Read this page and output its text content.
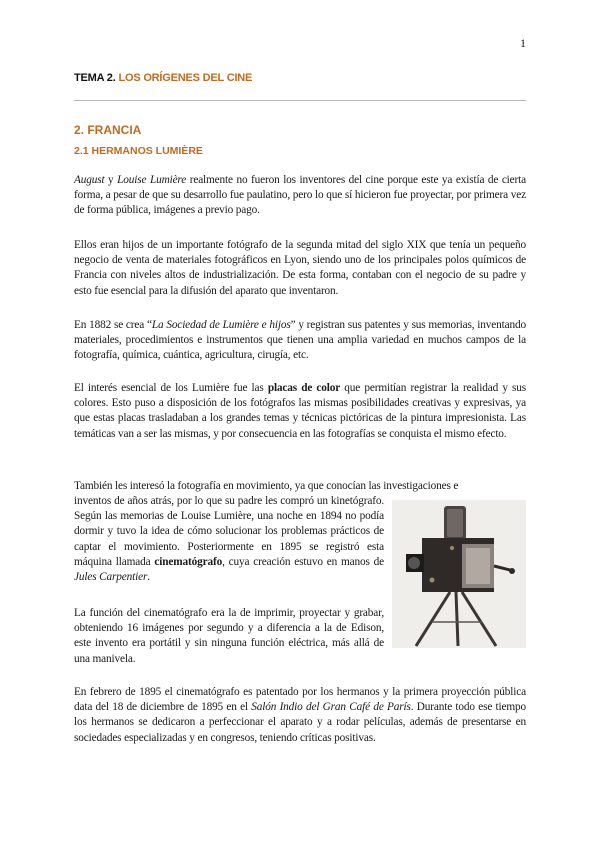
1
TEMA 2. LOS ORÍGENES DEL CINE
2. FRANCIA
2.1 HERMANOS LUMIÈRE

August y Louise Lumière realmente no fueron los inventores del cine porque este ya existía de cierta forma, a pesar de que su desarrollo fue paulatino, pero lo que sí hicieron fue proyectar, por primera vez de forma pública, imágenes a previo pago.

Ellos eran hijos de un importante fotógrafo de la segunda mitad del siglo XIX que tenía un pequeño negocio de venta de materiales fotográficos en Lyon, siendo uno de los principales polos químicos de Francia con niveles altos de industrialización. De esta forma, contaban con el negocio de su padre y esto fue esencial para la difusión del aparato que inventaron.

En 1882 se crea “La Sociedad de Lumière e hijos” y registran sus patentes y sus memorias, inventando materiales, procedimientos e instrumentos que tienen una amplia variedad en muchos campos de la fotografía, química, cuántica, agricultura, cirugía, etc.

El interés esencial de los Lumière fue las placas de color que permitían registrar la realidad y sus colores. Esto puso a disposición de los fotógrafos las mismas posibilidades creativas y expresivas, ya que estas placas trasladaban a los grandes temas y técnicas pictóricas de la pintura impresionista. Las temáticas van a ser las mismas, y por consecuencia en las fotografías se conquista el mismo efecto.

También les interesó la fotografía en movimiento, ya que conocían las investigaciones e

inventos de años atrás, por lo que su padre les compró un kinetógrafo. Según las memorias de Louise Lumière, una noche en 1894 no podía dormir y tuvo la idea de cómo solucionar los problemas prácticos de captar el movimiento. Posteriormente en 1895 se registró esta máquina llamada cinematógrafo, cuya creación estuvo en manos de Jules Carpentier.

La función del cinematógrafo era la de imprimir, proyectar y grabar, obteniendo 16 imágenes por segundo y a diferencia a la de Edison, este invento era portátil y sin ninguna función eléctrica, más allá de una manivela.

En febrero de 1895 el cinematógrafo es patentado por los hermanos y la primera proyección pública data del 18 de diciembre de 1895 en el Salón Indio del Gran Café de París. Durante todo ese tiempo los hermanos se dedicaron a perfeccionar el aparato y a rodar películas, además de presentarse en sociedades especializadas y en congresos, teniendo críticas positivas.
